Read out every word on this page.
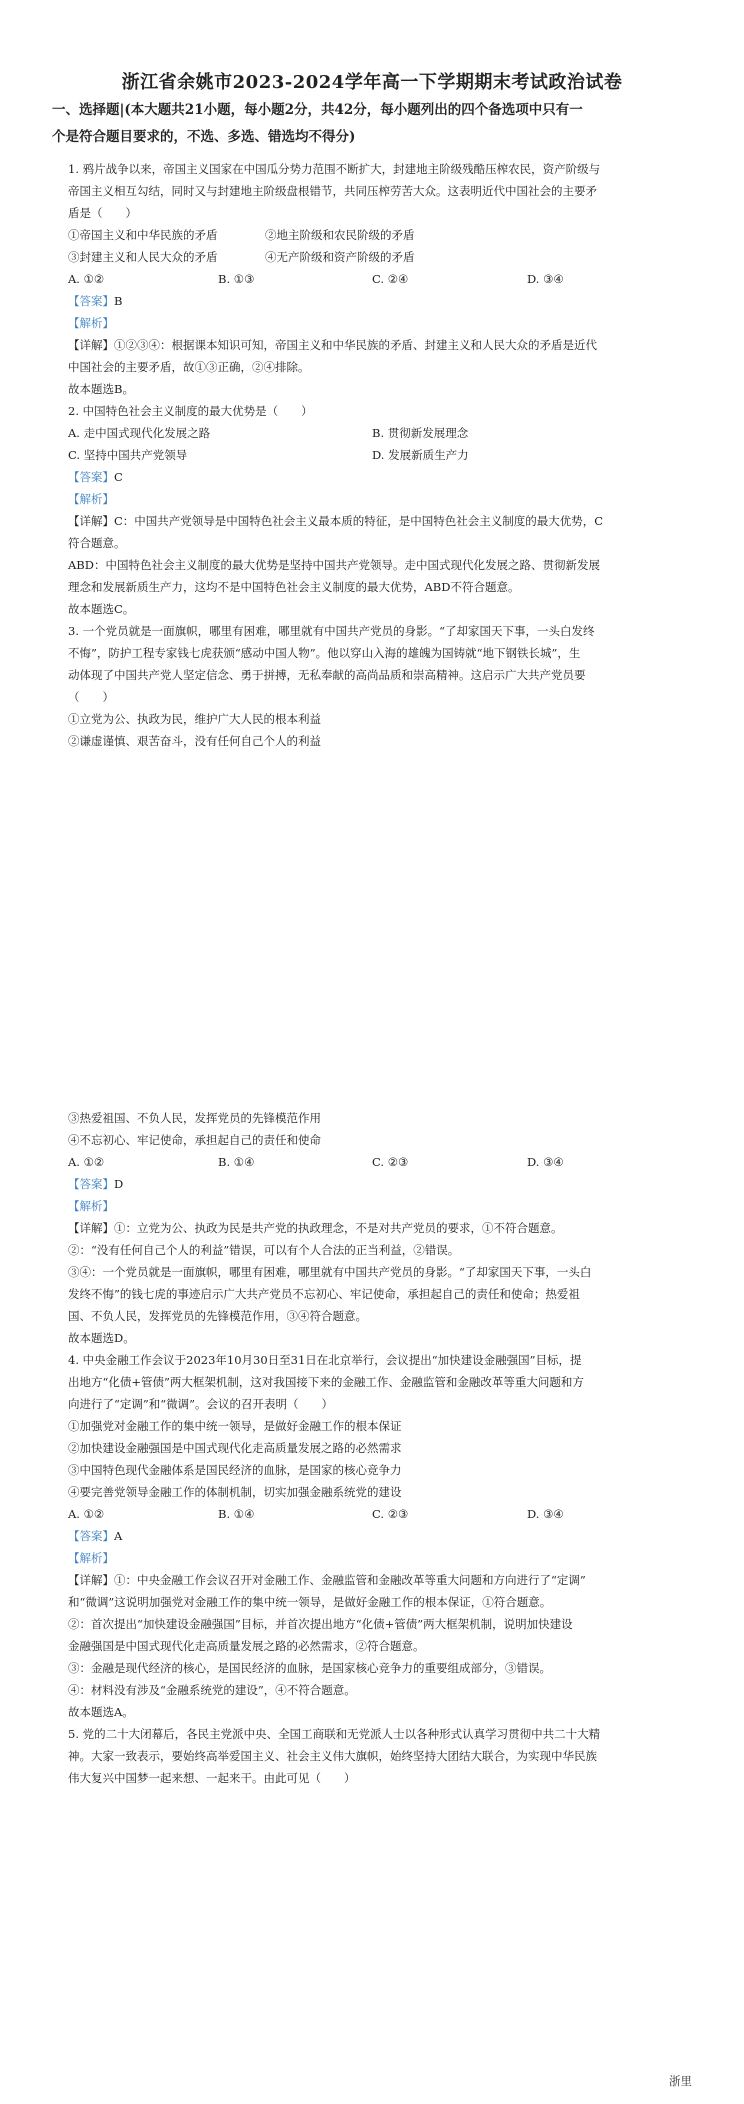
浙江省余姚市2023-2024学年高一下学期期末考试政治试卷
一、选择题|(本大题共21小题，每小题2分，共42分，每小题列出的四个备选项中只有一
个是符合题目要求的，不选、多选、错选均不得分)
1. 鸦片战争以来，帝国主义国家在中国瓜分势力范围不断扩大，封建地主阶级残酷压榨农民，资产阶级与
帝国主义相互勾结，同时又与封建地主阶级盘根错节，共同压榨劳苦大众。这表明近代中国社会的主要矛
盾是（　　）
①帝国主义和中华民族的矛盾	②地主阶级和农民阶级的矛盾
③封建主义和人民大众的矛盾	④无产阶级和资产阶级的矛盾
A. ①②	B. ①③	C. ②④	D. ③④
【答案】B
【解析】
【详解】①②③④：根据课本知识可知，帝国主义和中华民族的矛盾、封建主义和人民大众的矛盾是近代
中国社会的主要矛盾，故①③正确，②④排除。
故本题选B。
2. 中国特色社会主义制度的最大优势是（　　）
A. 走中国式现代化发展之路	B. 贯彻新发展理念
C. 坚持中国共产党领导	D. 发展新质生产力
【答案】C
【解析】
【详解】C：中国共产党领导是中国特色社会主义最本质的特征，是中国特色社会主义制度的最大优势，C
符合题意。
ABD：中国特色社会主义制度的最大优势是坚持中国共产党领导。走中国式现代化发展之路、贯彻新发展
理念和发展新质生产力，这均不是中国特色社会主义制度的最大优势，ABD不符合题意。
故本题选C。
3. 一个党员就是一面旗帜，哪里有困难，哪里就有中国共产党员的身影。“了却家国天下事，一头白发终
不悔”，防护工程专家钱七虎获颁“感动中国人物”。他以穿山入海的雄魄为国铸就“地下钢铁长城”，生
动体现了中国共产党人坚定信念、勇于拼搏，无私奉献的高尚品质和崇高精神。这启示广大共产党员要
（　　）
①立党为公、执政为民，维护广大人民的根本利益
②谦虚谨慎、艰苦奋斗，没有任何自己个人的利益
③热爱祖国、不负人民，发挥党员的先锋模范作用
④不忘初心、牢记使命，承担起自己的责任和使命
A. ①②	B. ①④	C. ②③	D. ③④
【答案】D
【解析】
【详解】①：立党为公、执政为民是共产党的执政理念，不是对共产党员的要求，①不符合题意。
②：“没有任何自己个人的利益”错误，可以有个人合法的正当利益，②错误。
③④：一个党员就是一面旗帜，哪里有困难，哪里就有中国共产党员的身影。“了却家国天下事，一头白
发终不悔”的钱七虎的事迹启示广大共产党员不忘初心、牢记使命，承担起自己的责任和使命；热爱祖
国、不负人民，发挥党员的先锋模范作用，③④符合题意。
故本题选D。
4. 中央金融工作会议于2023年10月30日至31日在北京举行，会议提出“加快建设金融强国”目标，提
出地方“化债+管债”两大框架机制，这对我国接下来的金融工作、金融监管和金融改革等重大问题和方
向进行了“定调”和“微调”。会议的召开表明（　　）
①加强党对金融工作的集中统一领导，是做好金融工作的根本保证
②加快建设金融强国是中国式现代化走高质量发展之路的必然需求
③中国特色现代金融体系是国民经济的血脉，是国家的核心竞争力
④要完善党领导金融工作的体制机制，切实加强金融系统党的建设
A. ①②	B. ①④	C. ②③	D. ③④
【答案】A
【解析】
【详解】①：中央金融工作会议召开对金融工作、金融监管和金融改革等重大问题和方向进行了“定调”
和“微调”这说明加强党对金融工作的集中统一领导，是做好金融工作的根本保证，①符合题意。
②：首次提出“加快建设金融强国”目标，并首次提出地方“化债+管债”两大框架机制，说明加快建设
金融强国是中国式现代化走高质量发展之路的必然需求，②符合题意。
③：金融是现代经济的核心，是国民经济的血脉，是国家核心竞争力的重要组成部分，③错误。
④：材料没有涉及“金融系统党的建设”，④不符合题意。
故本题选A。
5. 党的二十大闭幕后，各民主党派中央、全国工商联和无党派人士以各种形式认真学习贯彻中共二十大精
神。大家一致表示，要始终高举爱国主义、社会主义伟大旗帜，始终坚持大团结大联合，为实现中华民族
伟大复兴中国梦一起来想、一起来干。由此可见（　　）
浙里
